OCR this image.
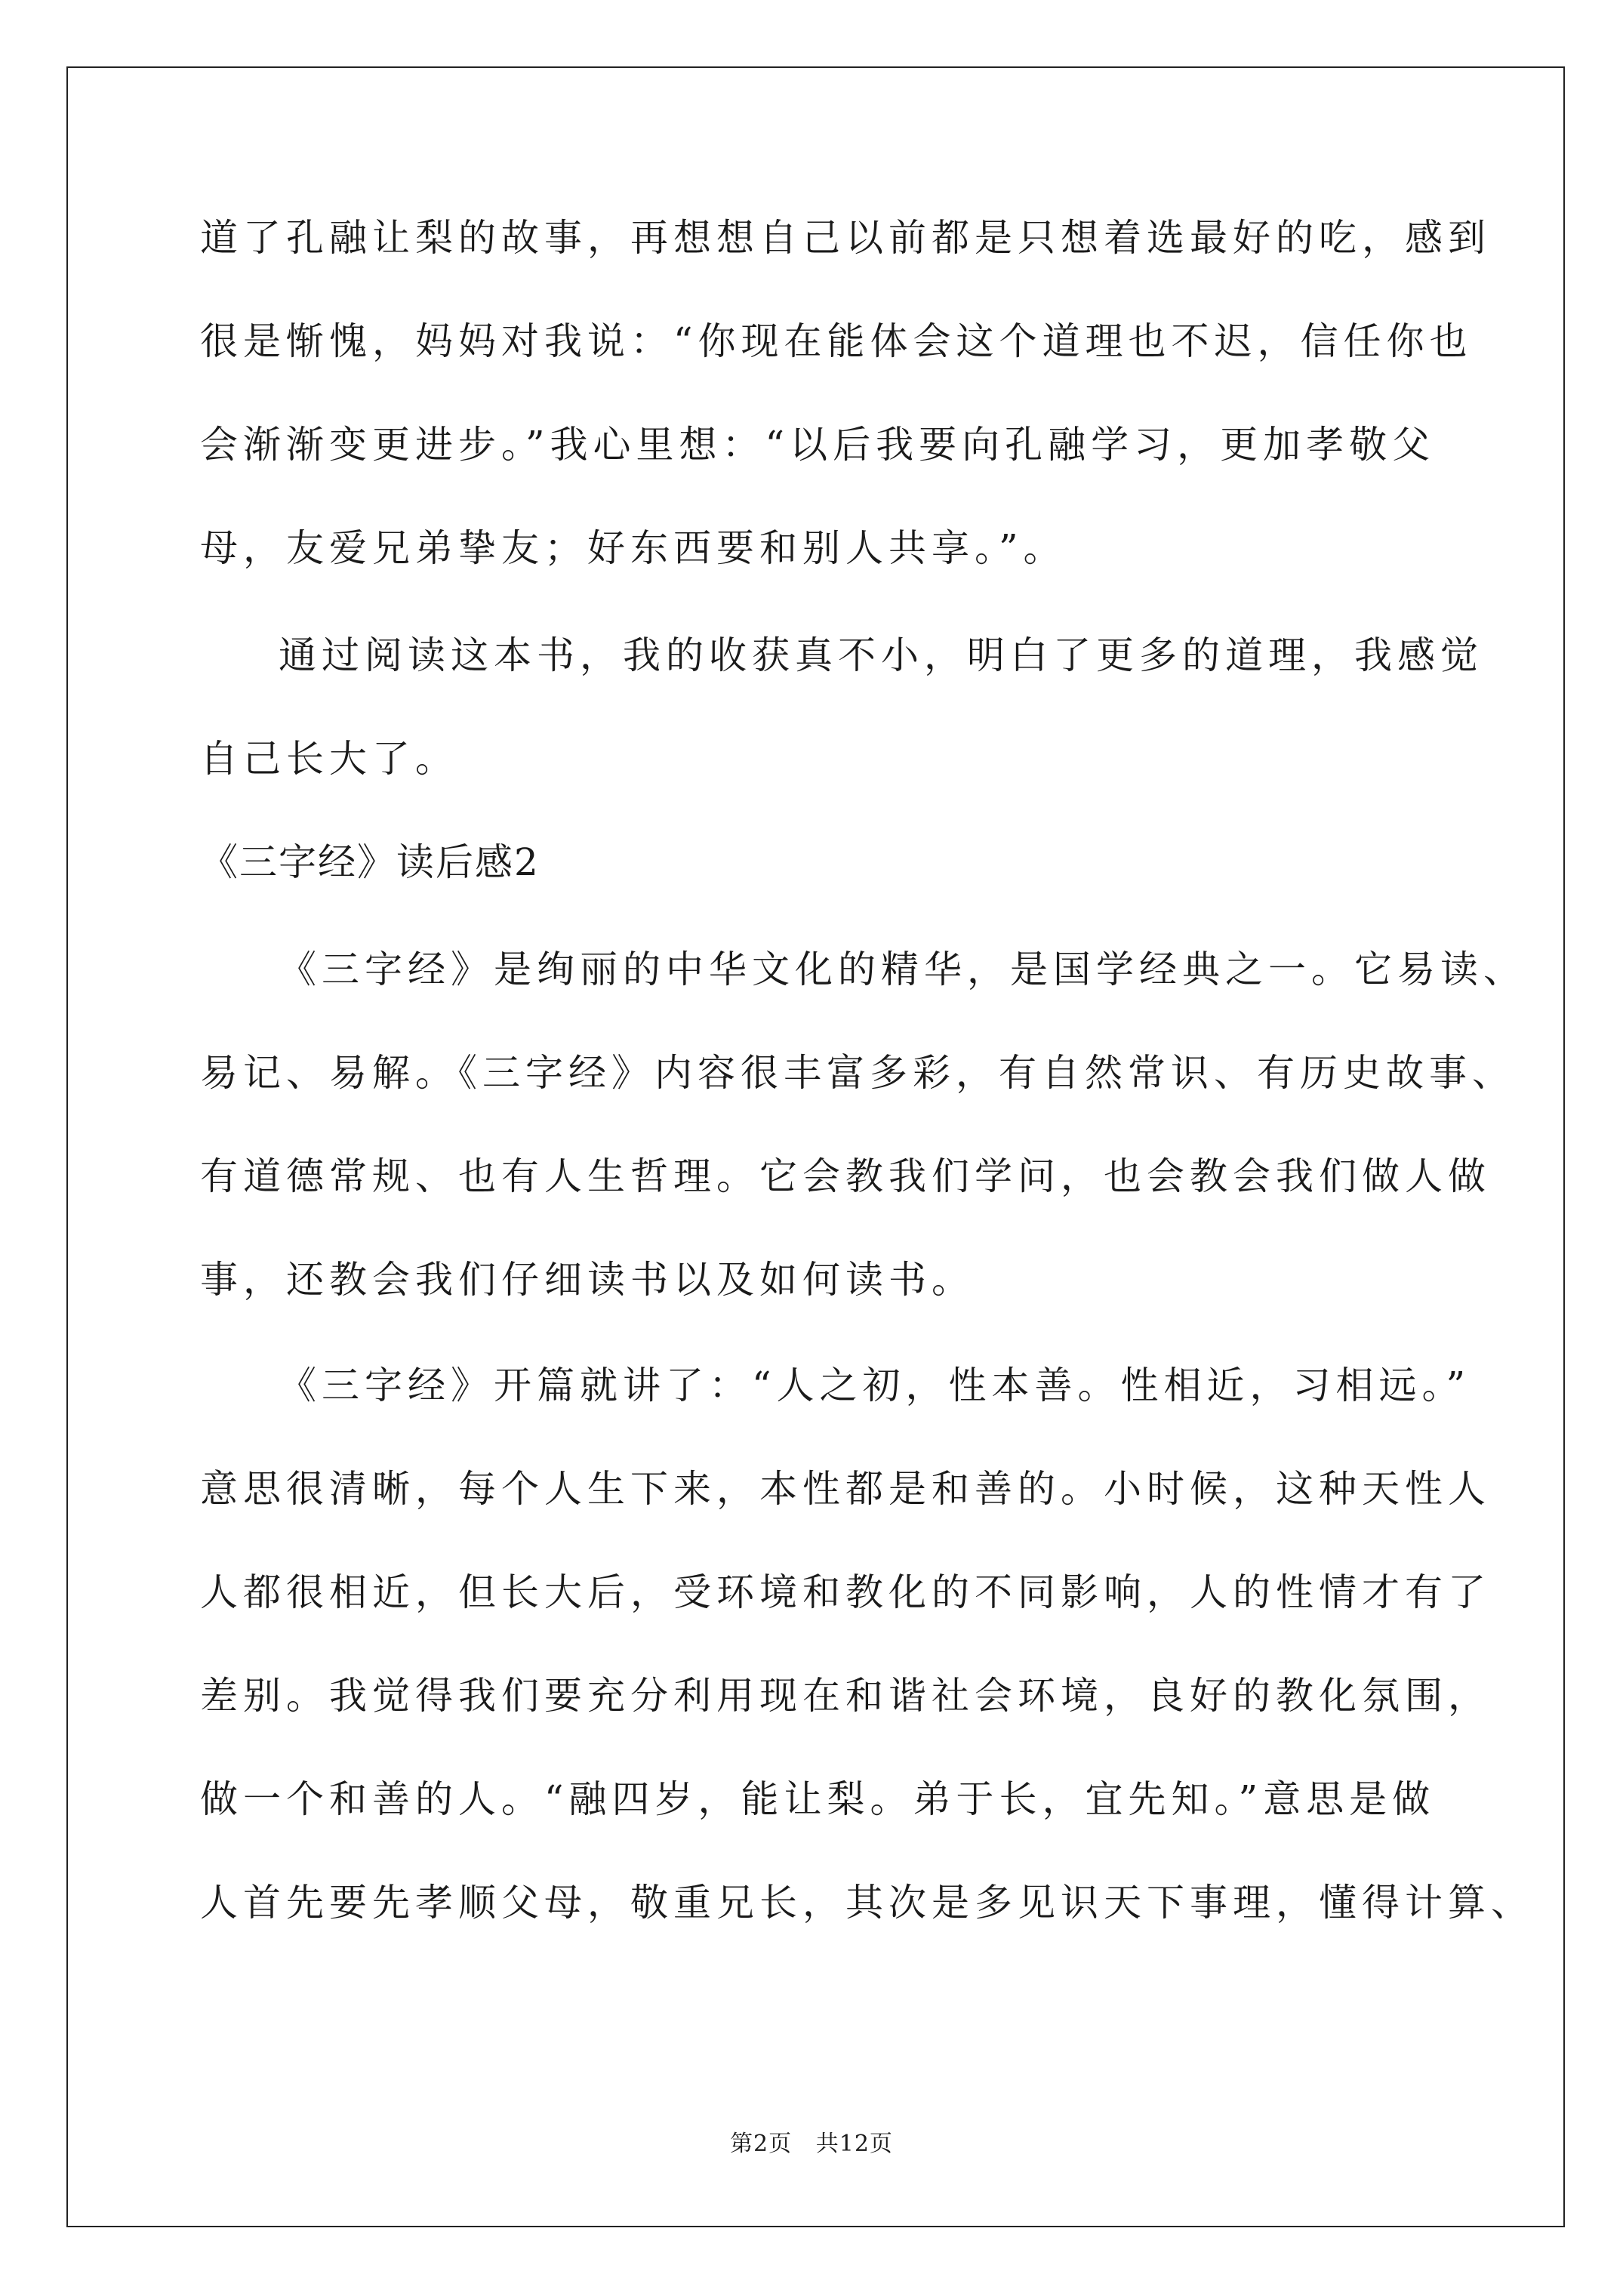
道了孔融让梨的故事，再想想自己以前都是只想着选最好的吃，感到
很是惭愧，妈妈对我说：“你现在能体会这个道理也不迟，信任你也
会渐渐变更进步。”我心里想：“以后我要向孔融学习，更加孝敬父
母，友爱兄弟挚友；好东西要和别人共享。”。
通过阅读这本书，我的收获真不小，明白了更多的道理，我感觉
自己长大了。
《三字经》读后感2
《三字经》是绚丽的中华文化的精华，是国学经典之一。它易读、
易记、易解。《三字经》内容很丰富多彩，有自然常识、有历史故事、
有道德常规、也有人生哲理。它会教我们学问，也会教会我们做人做
事，还教会我们仔细读书以及如何读书。
《三字经》开篇就讲了：“人之初，性本善。性相近，习相远。”
意思很清晰，每个人生下来，本性都是和善的。小时候，这种天性人
人都很相近，但长大后，受环境和教化的不同影响，人的性情才有了
差别。我觉得我们要充分利用现在和谐社会环境，良好的教化氛围，
做一个和善的人。“融四岁，能让梨。弟于长，宜先知。”意思是做
人首先要先孝顺父母，敬重兄长，其次是多见识天下事理，懂得计算、
第2页   共12页
